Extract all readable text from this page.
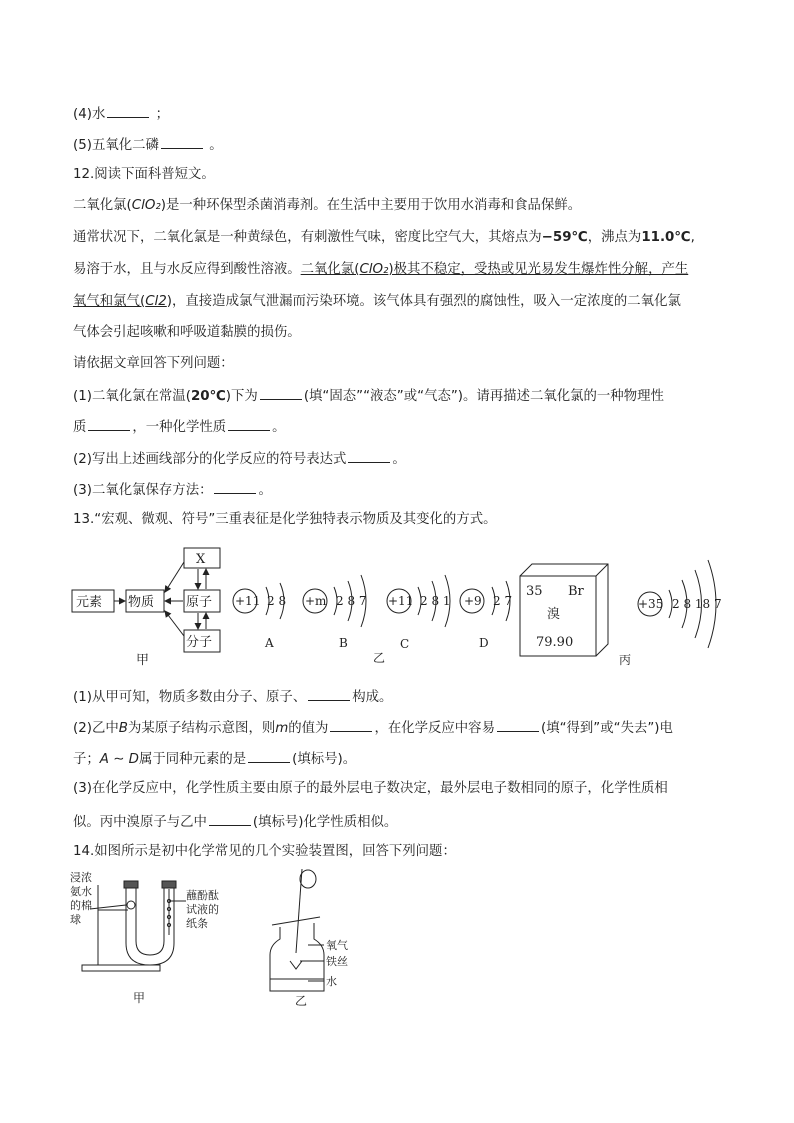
(4)水	；
(5)五氧化二磷	。
12.阅读下面科普短文。
二氧化氯(ClO₂)是一种环保型杀菌消毒剂。在生活中主要用于饮用水消毒和食品保鲜。
通常状况下，二氧化氯是一种黄绿色，有刺激性气味，密度比空气大，其熔点为−59℃，沸点为11.0℃,
易溶于水，且与水反应得到酸性溶液。二氧化氯(ClO₂)极其不稳定，受热或见光易发生爆炸性分解，产生
氧气和氯气(Cl2)，直接造成氯气泄漏而污染环境。该气体具有强烈的腐蚀性，吸入一定浓度的二氧化氯
气体会引起咳嗽和呼吸道黏膜的损伤。
请依据文章回答下列问题：
(1)二氧化氯在常温(20℃)下为	(填“固态”“液态”或“气态”)。请再描述二氧化氯的一种物理性
质	，一种化学性质	。
(2)写出上述画线部分的化学反应的符号表达式	。
(3)二氧化氯保存方法：	。
13.“宏观、微观、符号”三重表征是化学独特表示物质及其变化的方式。
元素 物质 原子
分子
X
甲
+11 2 8
A
+m 2 8 7
B
+11 2 8 1
C
乙
+9 2 7
D
35 Br
溴
79.90
+35 2 8 18 7
丙
(1)从甲可知，物质多数由分子、原子、	构成。
(2)乙中B为某原子结构示意图，则m的值为	，在化学反应中容易	(填“得到”或“失去”)电
子；A ∼ D属于同种元素的是	(填标号)。
(3)在化学反应中，化学性质主要由原子的最外层电子数决定，最外层电子数相同的原子，化学性质相
似。丙中溴原子与乙中	(填标号)化学性质相似。
14.如图所示是初中化学常见的几个实验装置图，回答下列问题：
浸浓
氨水
的棉
球
蘸酚酞
试液的
纸条
甲
氧气
铁丝
水
乙
